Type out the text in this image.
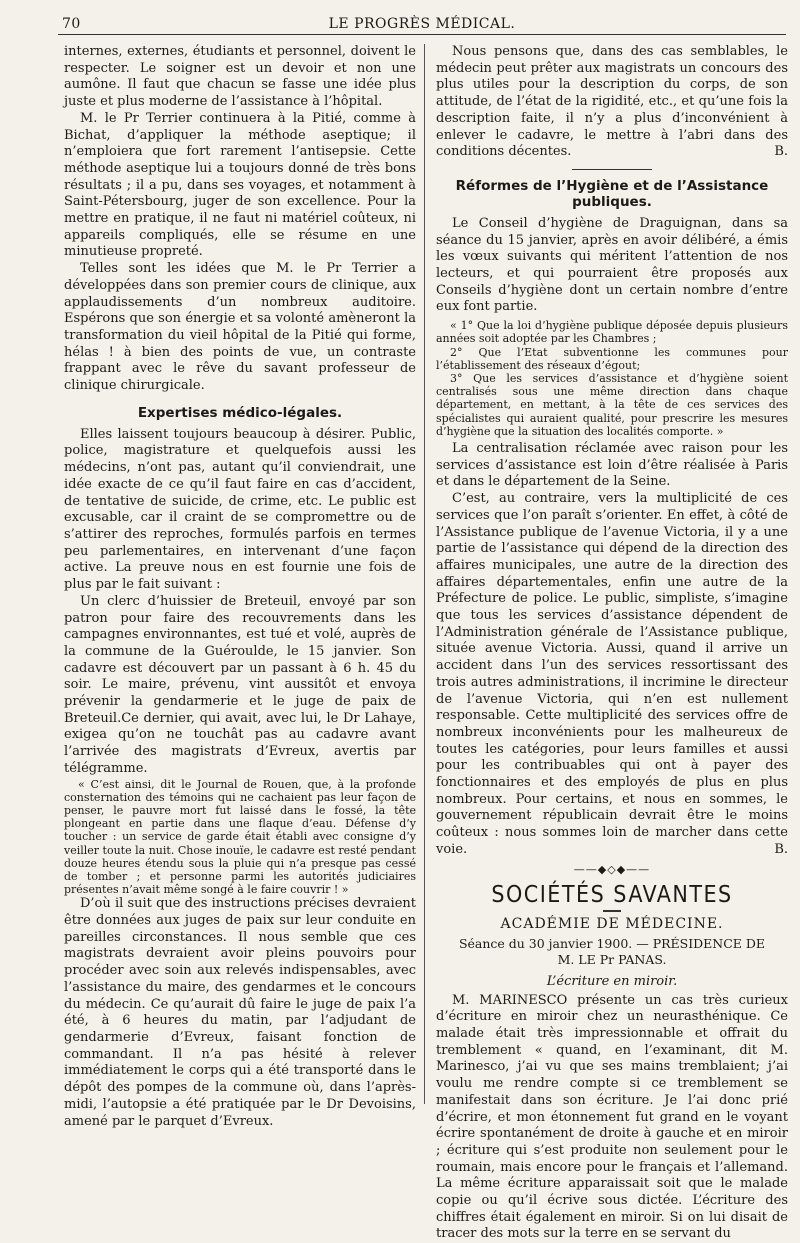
70	LE PROGRÈS MÉDICAL.

internes, externes, étudiants et personnel, doivent le respecter. Le soigner est un devoir et non une aumône. Il faut que chacun se fasse une idée plus juste et plus moderne de l’assistance à l’hôpital.

M. le Pr Terrier continuera à la Pitié, comme à Bichat, d’appliquer la méthode aseptique; il n’emploiera que fort rarement l’antisepsie. Cette méthode aseptique lui a toujours donné de très bons résultats ; il a pu, dans ses voyages, et notamment à Saint-Pétersbourg, juger de son excellence. Pour la mettre en pratique, il ne faut ni matériel coûteux, ni appareils compliqués, elle se résume en une minutieuse propreté.

Telles sont les idées que M. le Pr Terrier a développées dans son premier cours de clinique, aux applaudissements d’un nombreux auditoire. Espérons que son énergie et sa volonté amèneront la transformation du vieil hôpital de la Pitié qui forme, hélas ! à bien des points de vue, un contraste frappant avec le rêve du savant professeur de clinique chirurgicale.

Expertises médico-légales.

Elles laissent toujours beaucoup à désirer. Public, police, magistrature et quelquefois aussi les médecins, n’ont pas, autant qu’il conviendrait, une idée exacte de ce qu’il faut faire en cas d’accident, de tentative de suicide, de crime, etc. Le public est excusable, car il craint de se compromettre ou de s’attirer des reproches, formulés parfois en termes peu parlementaires, en intervenant d’une façon active. La preuve nous en est fournie une fois de plus par le fait suivant :

Un clerc d’huissier de Breteuil, envoyé par son patron pour faire des recouvrements dans les campagnes environnantes, est tué et volé, auprès de la commune de la Guéroulde, le 15 janvier. Son cadavre est découvert par un passant à 6 h. 45 du soir. Le maire, prévenu, vint aussitôt et envoya prévenir la gendarmerie et le juge de paix de Breteuil.Ce dernier, qui avait, avec lui, le Dr Lahaye, exigea qu’on ne touchât pas au cadavre avant l’arrivée des magistrats d’Evreux, avertis par télégramme.

« C’est ainsi, dit le Journal de Rouen, que, à la profonde consternation des témoins qui ne cachaient pas leur façon de penser, le pauvre mort fut laissé dans le fossé, la tête plongeant en partie dans une flaque d’eau. Défense d’y toucher : un service de garde était établi avec consigne d’y veiller toute la nuit. Chose inouïe, le cadavre est resté pendant douze heures étendu sous la pluie qui n’a presque pas cessé de tomber ; et personne parmi les autorités judiciaires présentes n’avait même songé à le faire couvrir ! »

D’où il suit que des instructions précises devraient être données aux juges de paix sur leur conduite en pareilles circonstances. Il nous semble que ces magistrats devraient avoir pleins pouvoirs pour procéder avec soin aux relevés indispensables, avec l’assistance du maire, des gendarmes et le concours du médecin. Ce qu’aurait dû faire le juge de paix l’a été, à 6 heures du matin, par l’adjudant de gendarmerie d’Evreux, faisant fonction de commandant. Il n’a pas hésité à relever immédiatement le corps qui a été transporté dans le dépôt des pompes de la commune où, dans l’après-midi, l’autopsie a été pratiquée par le Dr Devoisins, amené par le parquet d’Evreux.

Nous pensons que, dans des cas semblables, le médecin peut prêter aux magistrats un concours des plus utiles pour la description du corps, de son attitude, de l’état de la rigidité, etc., et qu’une fois la description faite, il n’y a plus d’inconvénient à enlever le cadavre, le mettre à l’abri dans des conditions décentes.	B.

Réformes de l’Hygiène et de l’Assistance publiques.

Le Conseil d’hygiène de Draguignan, dans sa séance du 15 janvier, après en avoir délibéré, a émis les vœux suivants qui méritent l’attention de nos lecteurs, et qui pourraient être proposés aux Conseils d’hygiène dont un certain nombre d’entre eux font partie.

« 1° Que la loi d’hygiène publique déposée depuis plusieurs années soit adoptée par les Chambres ;

2° Que l’Etat subventionne les communes pour l’établissement des réseaux d’égout;

3° Que les services d’assistance et d’hygiène soient centralisés sous une même direction dans chaque département, en mettant, à la tête de ces services des spécialistes qui auraient qualité, pour prescrire les mesures d’hygiène que la situation des localités comporte. »

La centralisation réclamée avec raison pour les services d’assistance est loin d’être réalisée à Paris et dans le département de la Seine.

C’est, au contraire, vers la multiplicité de ces services que l’on paraît s’orienter. En effet, à côté de l’Assistance publique de l’avenue Victoria, il y a une partie de l’assistance qui dépend de la direction des affaires municipales, une autre de la direction des affaires départementales, enfin une autre de la Préfecture de police. Le public, simpliste, s’imagine que tous les services d’assistance dépendent de l’Administration générale de l’Assistance publique, située avenue Victoria. Aussi, quand il arrive un accident dans l’un des services ressortissant des trois autres administrations, il incrimine le directeur de l’avenue Victoria, qui n’en est nullement responsable. Cette multiplicité des services offre de nombreux inconvénients pour les malheureux de toutes les catégories, pour leurs familles et aussi pour les contribuables qui ont à payer des fonctionnaires et des employés de plus en plus nombreux. Pour certains, et nous en sommes, le gouvernement républicain devrait être le moins coûteux : nous sommes loin de marcher dans cette voie.	B.

——◆◇◆——
SOCIÉTÉS SAVANTES
ACADÉMIE DE MÉDECINE.
Séance du 30 janvier 1900. — PRÉSIDENCE DE
M. LE Pr PANAS.
L’écriture en miroir.

M. MARINESCO présente un cas très curieux d’écriture en miroir chez un neurasthénique. Ce malade était très impressionnable et offrait du tremblement « quand, en l’examinant, dit M. Marinesco, j’ai vu que ses mains tremblaient; j’ai voulu me rendre compte si ce tremblement se manifestait dans son écriture. Je l’ai donc prié d’écrire, et mon étonnement fut grand en le voyant écrire spontanément de droite à gauche et en miroir ; écriture qui s’est produite non seulement pour le roumain, mais encore pour le français et l’allemand. La même écriture apparaissait soit que le malade copie ou qu’il écrive sous dictée. L’écriture des chiffres était également en miroir. Si on lui disait de tracer des mots sur la terre en se servant du
